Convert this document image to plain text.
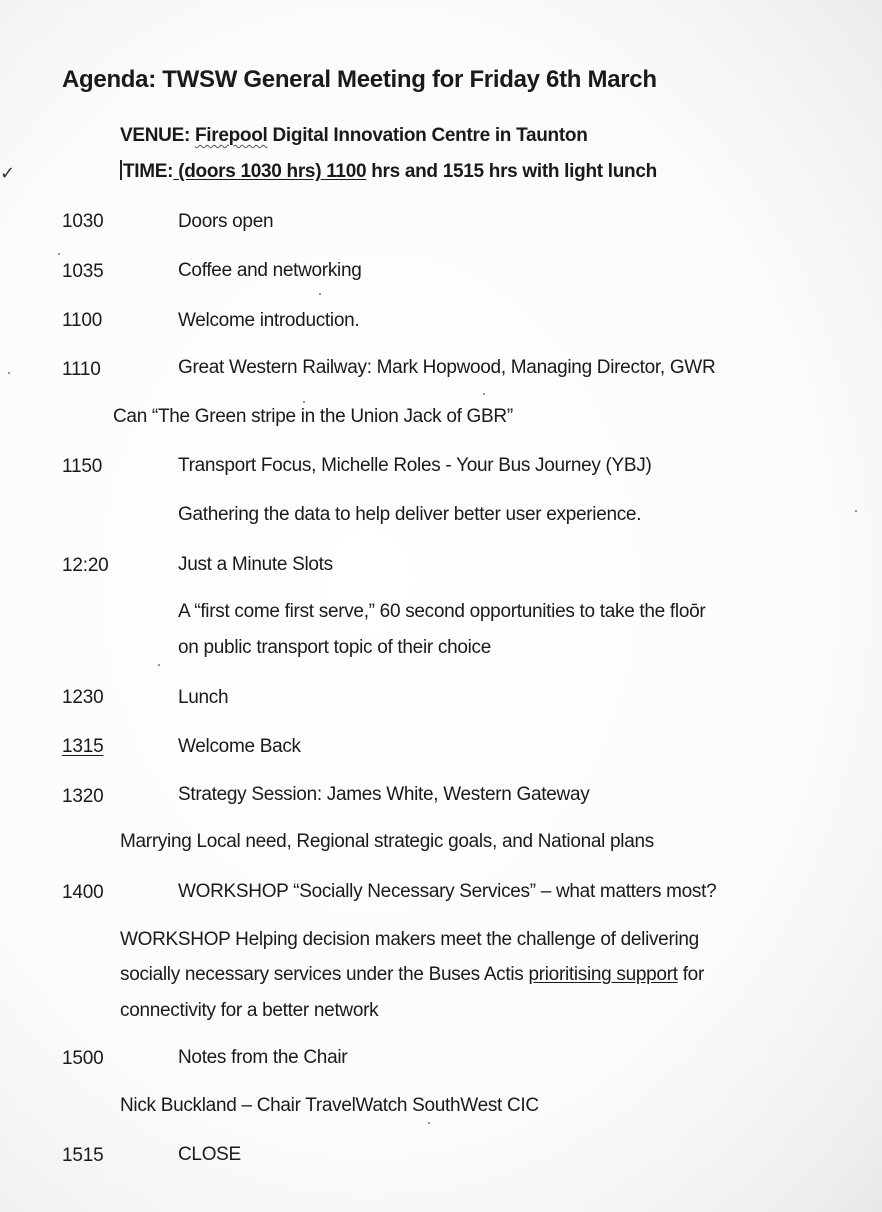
Agenda: TWSW General Meeting for Friday 6th March
VENUE: Firepool Digital Innovation Centre in Taunton
✓	TIME: (doors 1030 hrs) 1100 hrs and 1515 hrs with light lunch
1030	Doors open
1035	Coffee and networking
1100	Welcome introduction.
1110	Great Western Railway: Mark Hopwood, Managing Director, GWR
Can “The Green stripe in the Union Jack of GBR”
1150	Transport Focus, Michelle Roles - Your Bus Journey (YBJ)
Gathering the data to help deliver better user experience.
12:20	Just a Minute Slots
A “first come first serve,” 60 second opportunities to take the floōr
on public transport topic of their choice
1230	Lunch
1315	Welcome Back
1320	Strategy Session: James White, Western Gateway
Marrying Local need, Regional strategic goals, and National plans
1400	WORKSHOP “Socially Necessary Services” – what matters most?
WORKSHOP Helping decision makers meet the challenge of delivering
socially necessary services under the Buses Actis prioritising support for
connectivity for a better network
1500	Notes from the Chair
Nick Buckland – Chair TravelWatch SouthWest CIC
1515	CLOSE
